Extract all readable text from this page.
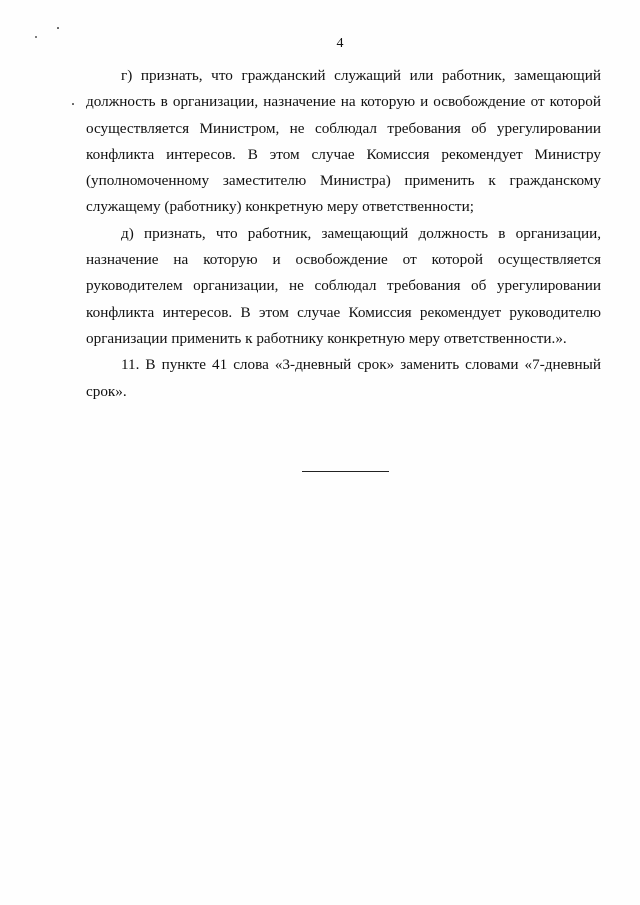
4

г) признать, что гражданский служащий или работник, замещающий должность в организации, назначение на которую и освобождение от которой осуществляется Министром, не соблюдал требования об урегулировании конфликта интересов. В этом случае Комиссия рекомендует Министру (уполномоченному заместителю Министра) применить к гражданскому служащему (работнику) конкретную меру ответственности;

д) признать, что работник, замещающий должность в организации, назначение на которую и освобождение от которой осуществляется руководителем организации, не соблюдал требования об урегулировании конфликта интересов. В этом случае Комиссия рекомендует руководителю организации применить к работнику конкретную меру ответственности.».

11. В пункте 41 слова «3-дневный срок» заменить словами «7-дневный срок».
